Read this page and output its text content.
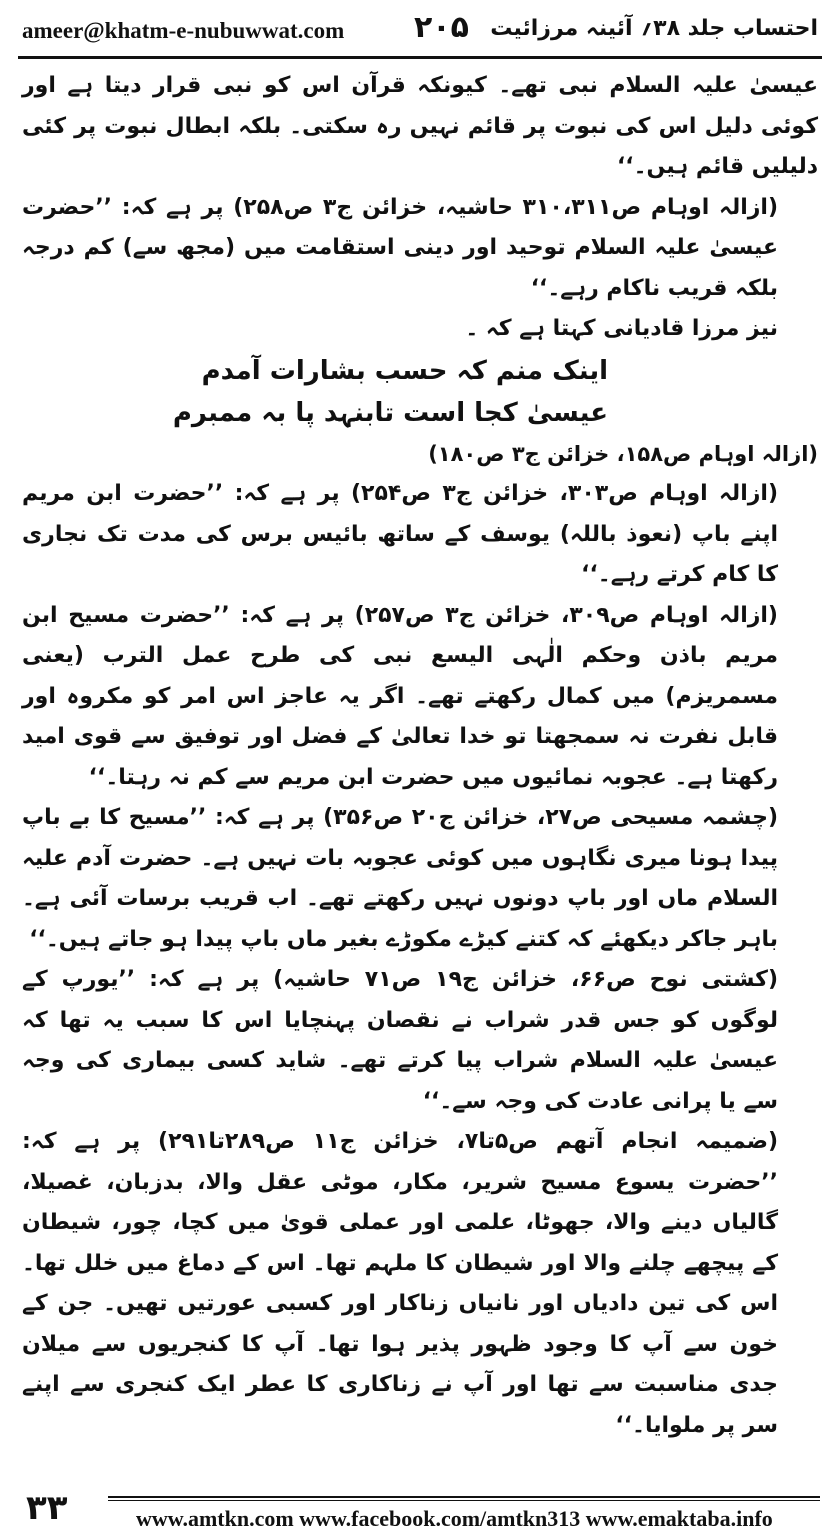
ameer@khatm-e-nubuwwat.com ۲۰۵ احتساب جلد ۳۸؍ آئینہ مرزائیت

عیسیٰ علیہ السلام نبی تھے۔ کیونکہ قرآن اس کو نبی قرار دیتا ہے اور کوئی دلیل اس کی نبوت پر قائم نہیں رہ سکتی۔ بلکہ ابطال نبوت پر کئی دلیلیں قائم ہیں۔‘‘

(ازالہ اوہام ص۳۱۰،۳۱۱ حاشیہ، خزائن ج۳ ص۲۵۸) پر ہے کہ: ’’حضرت عیسیٰ علیہ السلام توحید اور دینی استقامت میں (مجھ سے) کم درجہ بلکہ قریب ناکام رہے۔‘‘

نیز مرزا قادیانی کہتا ہے کہ ۔

اینک منم کہ حسب بشارات آمدم

عیسیٰ کجا است تابنہد پا بہ ممبرم

(ازالہ اوہام ص۱۵۸، خزائن ج۳ ص۱۸۰)

(ازالہ اوہام ص۳۰۳، خزائن ج۳ ص۲۵۴) پر ہے کہ: ’’حضرت ابن مریم اپنے باپ (نعوذ باللہ) یوسف کے ساتھ بائیس برس کی مدت تک نجاری کا کام کرتے رہے۔‘‘

(ازالہ اوہام ص۳۰۹، خزائن ج۳ ص۲۵۷) پر ہے کہ: ’’حضرت مسیح ابن مریم باذن وحکم الٰہی الیسع نبی کی طرح عمل الترب (یعنی مسمریزم) میں کمال رکھتے تھے۔ اگر یہ عاجز اس امر کو مکروہ اور قابل نفرت نہ سمجھتا تو خدا تعالیٰ کے فضل اور توفیق سے قوی امید رکھتا ہے۔ عجوبہ نمائیوں میں حضرت ابن مریم سے کم نہ رہتا۔‘‘

(چشمہ مسیحی ص۲۷، خزائن ج۲۰ ص۳۵۶) پر ہے کہ: ’’مسیح کا بے باپ پیدا ہونا میری نگاہوں میں کوئی عجوبہ بات نہیں ہے۔ حضرت آدم علیہ السلام ماں اور باپ دونوں نہیں رکھتے تھے۔ اب قریب برسات آئی ہے۔ باہر جاکر دیکھئے کہ کتنے کیڑے مکوڑے بغیر ماں باپ پیدا ہو جاتے ہیں۔‘‘

(کشتی نوح ص۶۶، خزائن ج۱۹ ص۷۱ حاشیہ) پر ہے کہ: ’’یورپ کے لوگوں کو جس قدر شراب نے نقصان پہنچایا اس کا سبب یہ تھا کہ عیسیٰ علیہ السلام شراب پیا کرتے تھے۔ شاید کسی بیماری کی وجہ سے یا پرانی عادت کی وجہ سے۔‘‘

(ضمیمہ انجام آتھم ص۵تا۷، خزائن ج۱۱ ص۲۸۹تا۲۹۱) پر ہے کہ: ’’حضرت یسوع مسیح شریر، مکار، موٹی عقل والا، بدزبان، غصیلا، گالیاں دینے والا، جھوٹا، علمی اور عملی قویٰ میں کچا، چور، شیطان کے پیچھے چلنے والا اور شیطان کا ملہم تھا۔ اس کے دماغ میں خلل تھا۔ اس کی تین دادیاں اور نانیاں زناکار اور کسبی عورتیں تھیں۔ جن کے خون سے آپ کا وجود ظہور پذیر ہوا تھا۔ آپ کا کنجریوں سے میلان جدی مناسبت سے تھا اور آپ نے زناکاری کا عطر ایک کنجری سے اپنے سر پر ملوایا۔‘‘

۳۳	www.amtkn.com www.facebook.com/amtkn313 www.emaktaba.info
